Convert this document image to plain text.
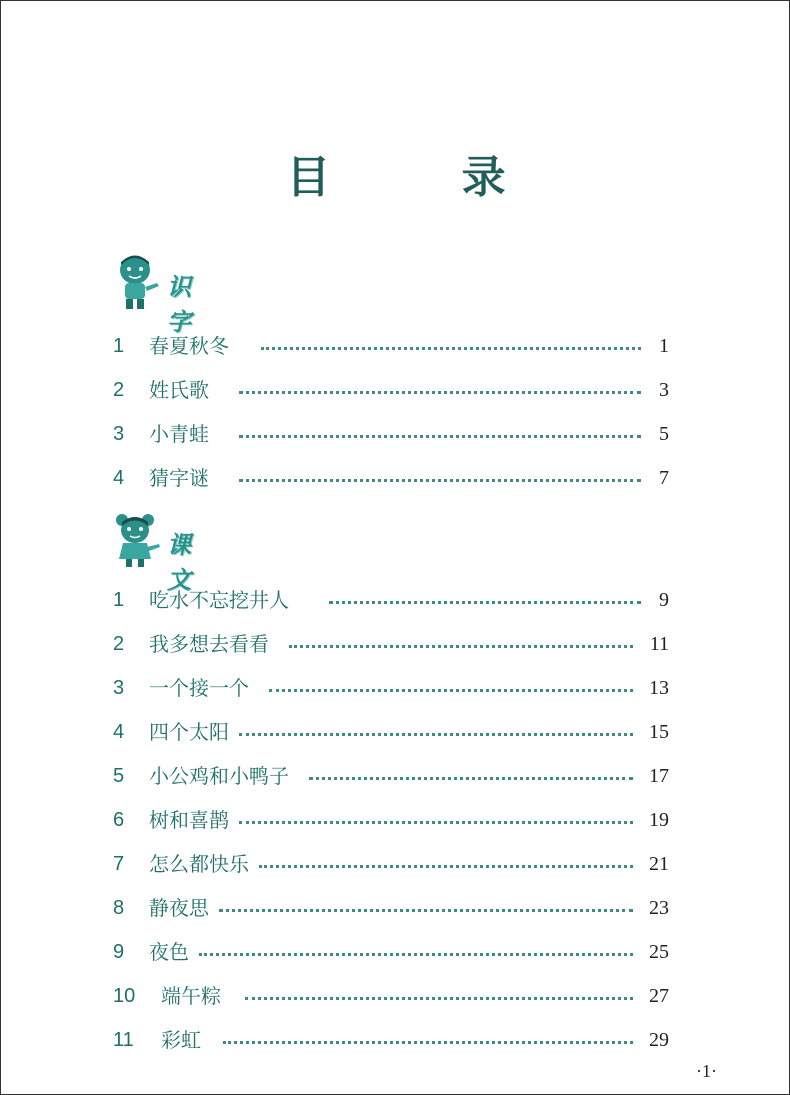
目 录
识字
1 春夏秋冬	1
2 姓氏歌	3
3 小青蛙	5
4 猜字谜	7
课文
1 吃水不忘挖井人	9
2 我多想去看看	11
3 一个接一个	13
4 四个太阳	15
5 小公鸡和小鸭子	17
6 树和喜鹊	19
7 怎么都快乐	21
8 静夜思	23
9 夜色	25
10 端午粽	27
11 彩虹	29
·1·
